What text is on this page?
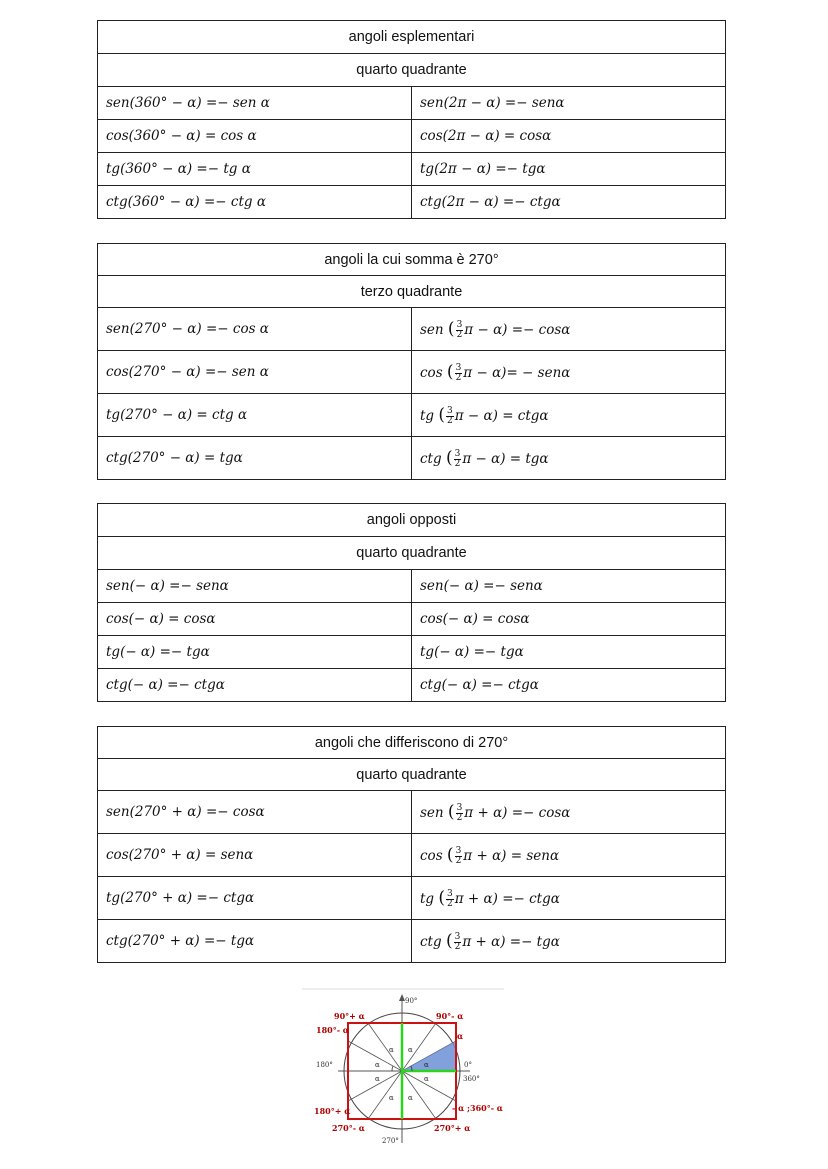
angoli esplementari	
quarto quadrante	
sen(360° − α) =− sen α	sen(2π − α) =− senα
cos(360° − α) = cos α	cos(2π − α) = cosα
tg(360° − α) =− tg α	tg(2π − α) =− tgα
ctg(360° − α) =− ctg α	ctg(2π − α) =− ctgα
angoli la cui somma è 270°	
terzo quadrante	
sen(270° − α) =− cos α	sen ( $\frac{3}{2}$ π − α) =− cosα
cos(270° − α) =− sen α	cos ( $\frac{3}{2}$ π − α)= − senα
tg(270° − α) = ctg α	tg ( $\frac{3}{2}$ π − α) = ctgα
ctg(270° − α) = tgα	ctg ( $\frac{3}{2}$ π − α) = tgα
angoli opposti	
quarto quadrante	
sen(− α) =− senα	sen(− α) =− senα
cos(− α) = cosα	cos(− α) = cosα
tg(− α) =− tgα	tg(− α) =− tgα
ctg(− α) =− ctgα	ctg(− α) =− ctgα
angoli che differiscono di 270°	
quarto quadrante	
sen(270° + α) =− cosα	sen ( $\frac{3}{2}$ π + α) =− cosα
cos(270° + α) = senα	cos ( $\frac{3}{2}$ π + α) = senα
tg(270° + α) =− ctgα	tg ( $\frac{3}{2}$ π + α) =− ctgα
ctg(270° + α) =− tgα	ctg ( $\frac{3}{2}$ π + α) =− tgα
90°
0°
360°
180°
270°
90°+ α	90°- α
180°- α
α
180°+ α	- α ;360°- α
270°- α	270°+ α
α α
α	α
α	α
α α
